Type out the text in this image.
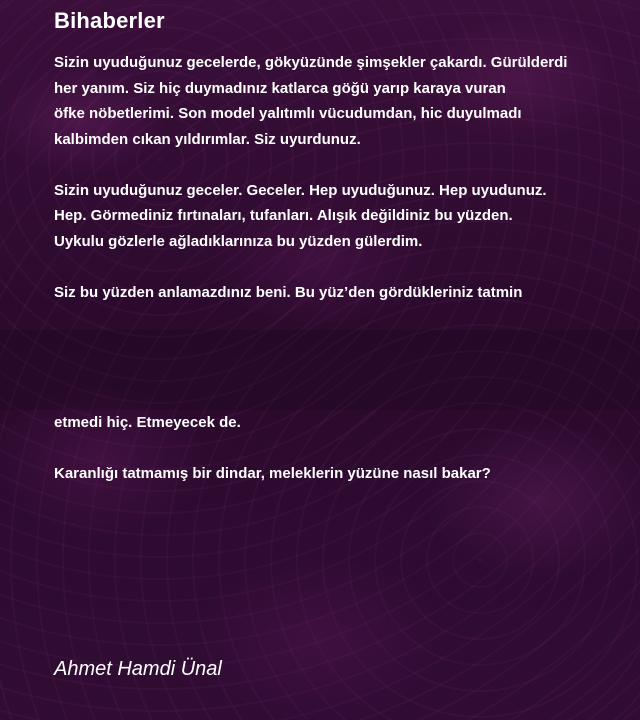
Bihaberler

Sizin uyuduğunuz gecelerde, gökyüzünde şimşekler çakardı. Gürülderdi
her yanım. Siz hiç duymadınız katlarca göğü yarıp karaya vuran
öfke nöbetlerimi. Son model yalıtımlı vücudumdan, hic duyulmadı
kalbimden cıkan yıldırımlar. Siz uyurdunuz.

Sizin uyuduğunuz geceler. Geceler. Hep uyuduğunuz. Hep uyudunuz.
Hep. Görmediniz fırtınaları, tufanları. Alışık değildiniz bu yüzden.
Uykulu gözlerle ağladıklarınıza bu yüzden gülerdim.

Siz bu yüzden anlamazdınız beni. Bu yüz’den gördükleriniz tatmin

etmedi hiç. Etmeyecek de.

Karanlığı tatmamış bir dindar, meleklerin yüzüne nasıl bakar?

Ahmet Hamdi Ünal
